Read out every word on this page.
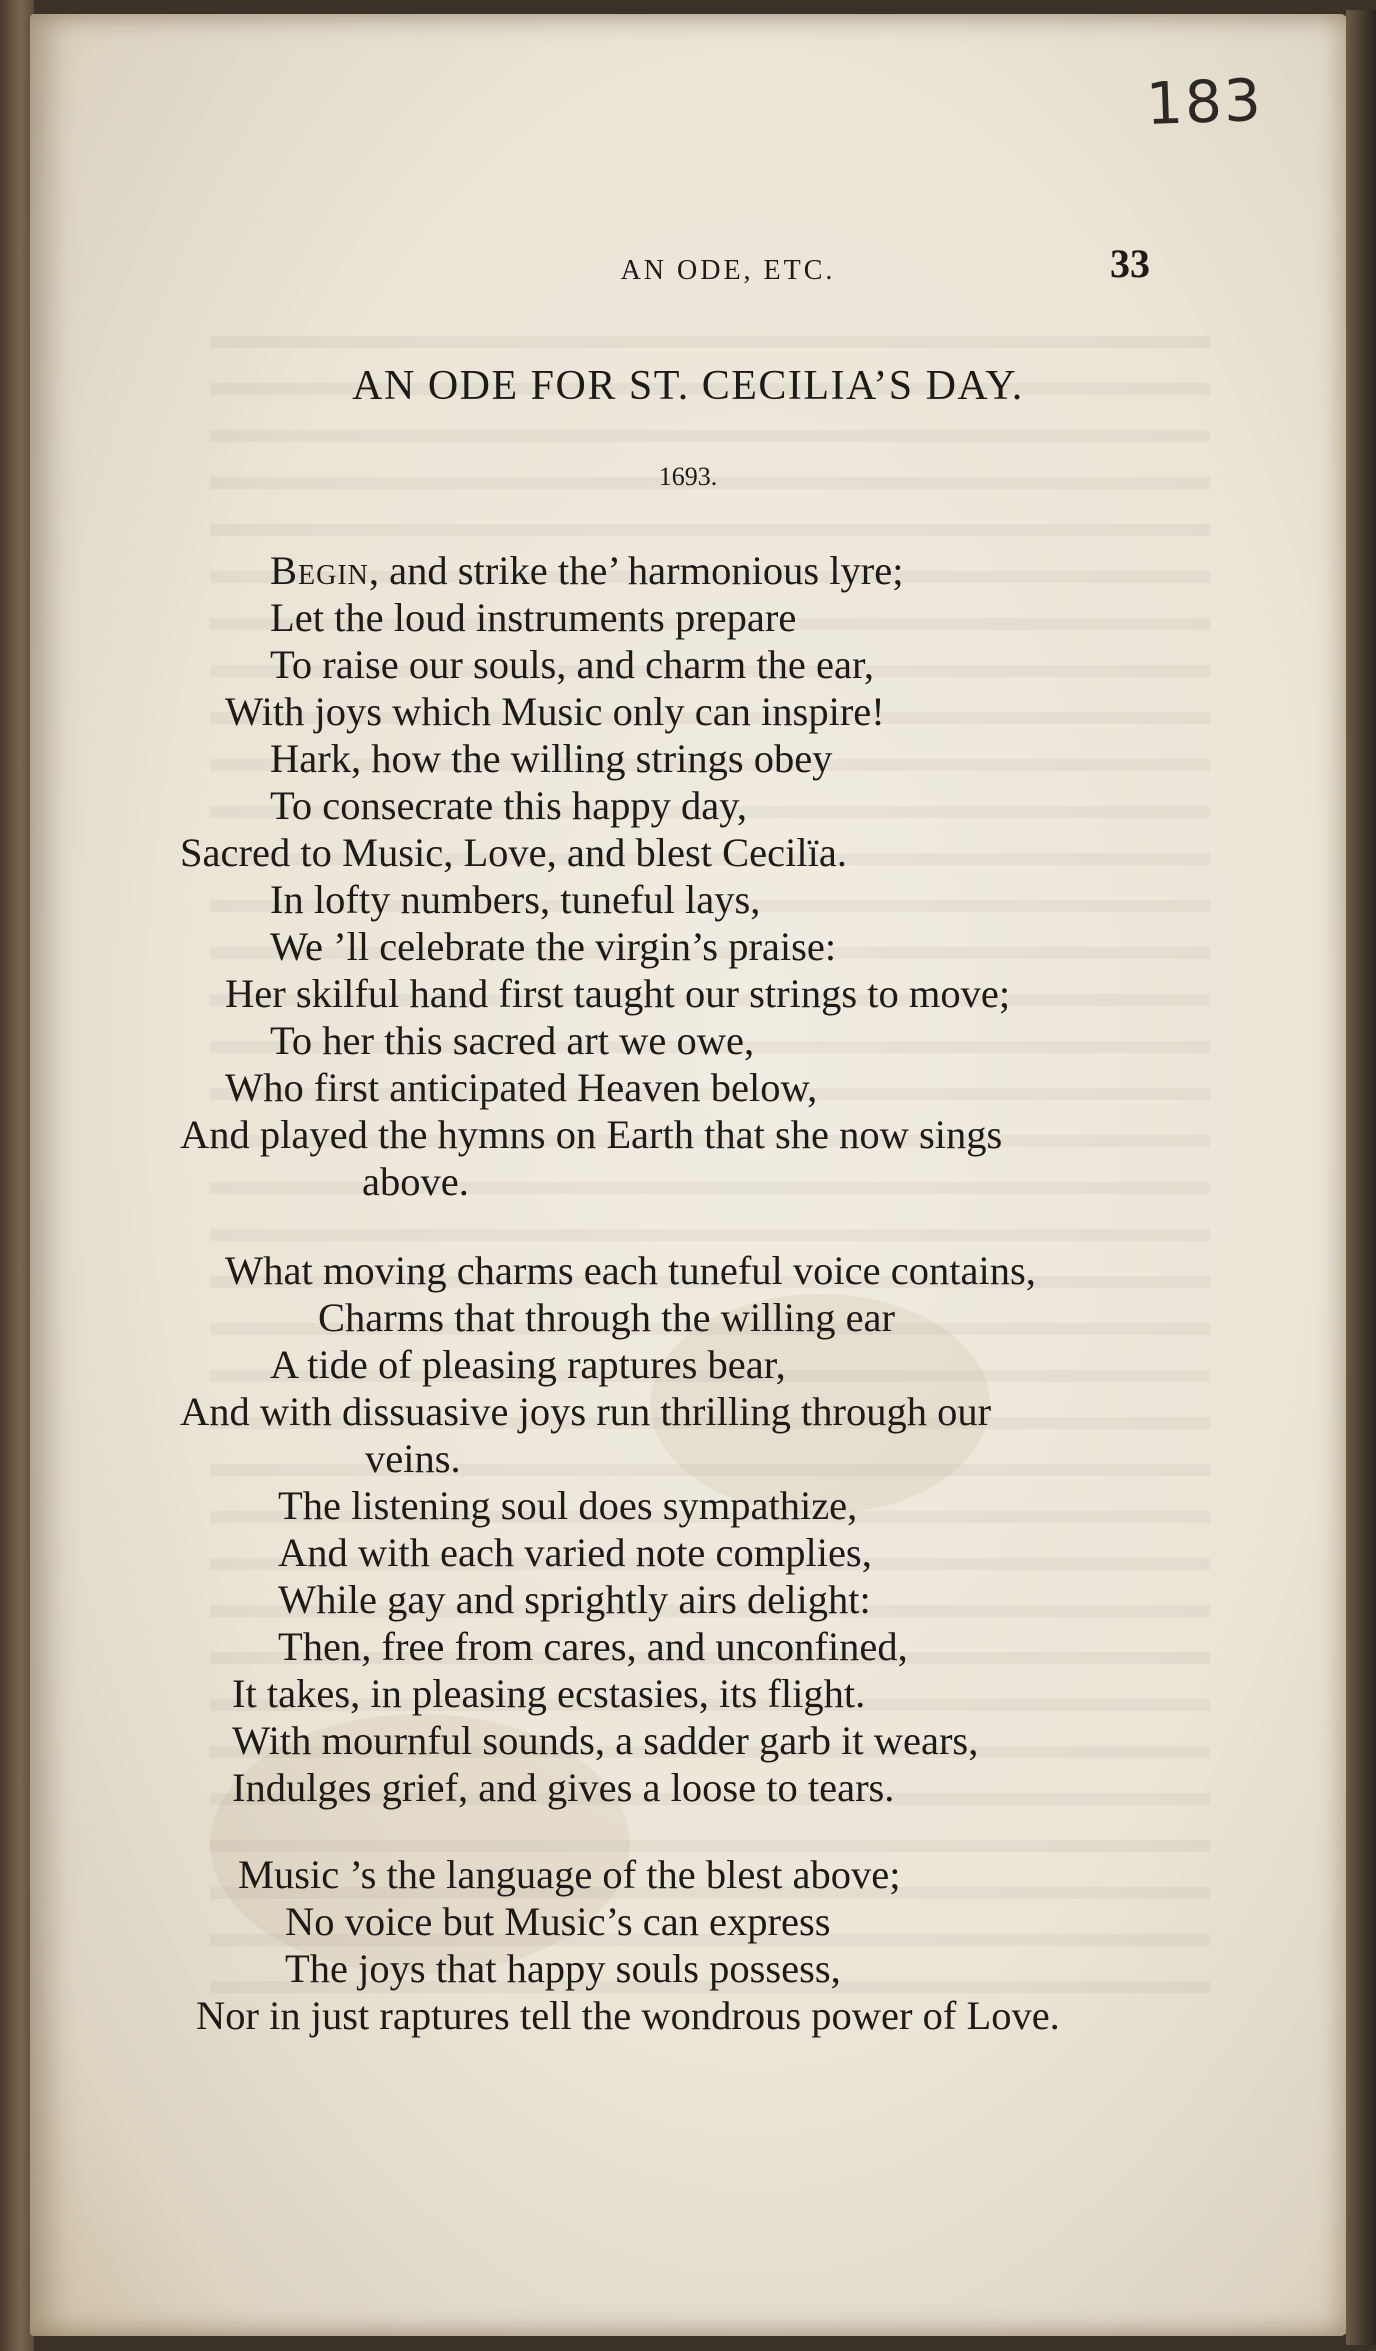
183
AN ODE, ETC.	33
AN ODE FOR ST. CECILIA’S DAY.
1693.
Begin, and strike the’ harmonious lyre;
Let the loud instruments prepare
To raise our souls, and charm the ear,
With joys which Music only can inspire!
Hark, how the willing strings obey
To consecrate this happy day,
Sacred to Music, Love, and blest Cecilïa.
In lofty numbers, tuneful lays,
We ’ll celebrate the virgin’s praise:
Her skilful hand first taught our strings to move;
To her this sacred art we owe,
Who first anticipated Heaven below,
And played the hymns on Earth that she now sings
above.
What moving charms each tuneful voice contains,
Charms that through the willing ear
A tide of pleasing raptures bear,
And with dissuasive joys run thrilling through our
veins.
The listening soul does sympathize,
And with each varied note complies,
While gay and sprightly airs delight:
Then, free from cares, and unconfined,
It takes, in pleasing ecstasies, its flight.
With mournful sounds, a sadder garb it wears,
Indulges grief, and gives a loose to tears.
Music ’s the language of the blest above;
No voice but Music’s can express
The joys that happy souls possess,
Nor in just raptures tell the wondrous power of Love.
